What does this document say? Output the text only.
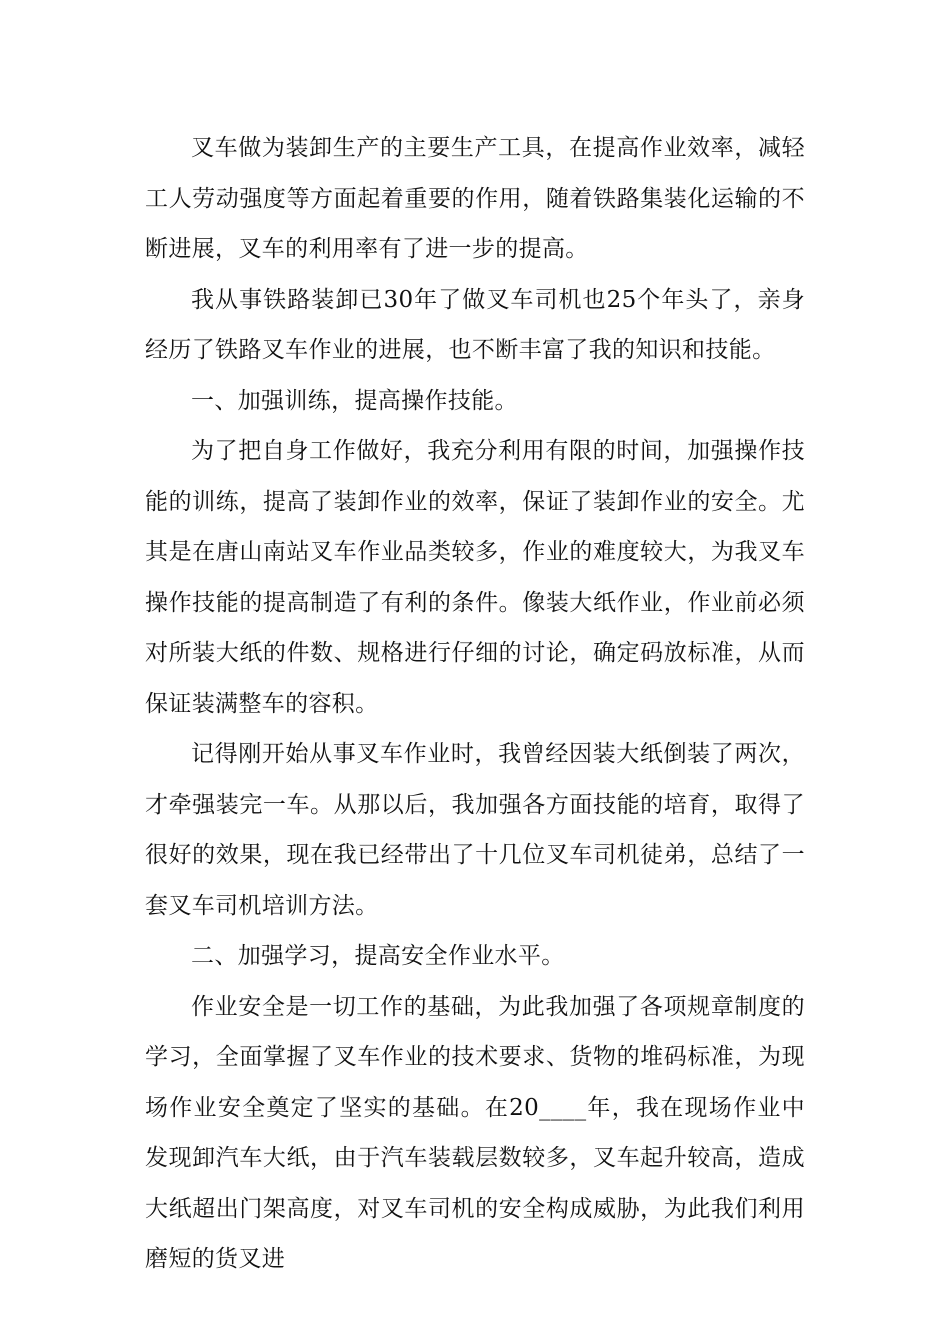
叉车做为装卸生产的主要生产工具，在提高作业效率，减轻工人劳动强度等方面起着重要的作用，随着铁路集装化运输的不断进展，叉车的利用率有了进一步的提高。

我从事铁路装卸已30年了做叉车司机也25个年头了，亲身经历了铁路叉车作业的进展，也不断丰富了我的知识和技能。

一、加强训练，提高操作技能。

为了把自身工作做好，我充分利用有限的时间，加强操作技能的训练，提高了装卸作业的效率，保证了装卸作业的安全。尤其是在唐山南站叉车作业品类较多，作业的难度较大，为我叉车操作技能的提高制造了有利的条件。像装大纸作业，作业前必须对所装大纸的件数、规格进行仔细的讨论，确定码放标准，从而保证装满整车的容积。

记得刚开始从事叉车作业时，我曾经因装大纸倒装了两次，才牵强装完一车。从那以后，我加强各方面技能的培育，取得了很好的效果，现在我已经带出了十几位叉车司机徒弟，总结了一套叉车司机培训方法。

二、加强学习，提高安全作业水平。

作业安全是一切工作的基础，为此我加强了各项规章制度的学习，全面掌握了叉车作业的技术要求、货物的堆码标准，为现场作业安全奠定了坚实的基础。在20____年，我在现场作业中发现卸汽车大纸，由于汽车装载层数较多，叉车起升较高，造成大纸超出门架高度，对叉车司机的安全构成威胁，为此我们利用磨短的货叉进
